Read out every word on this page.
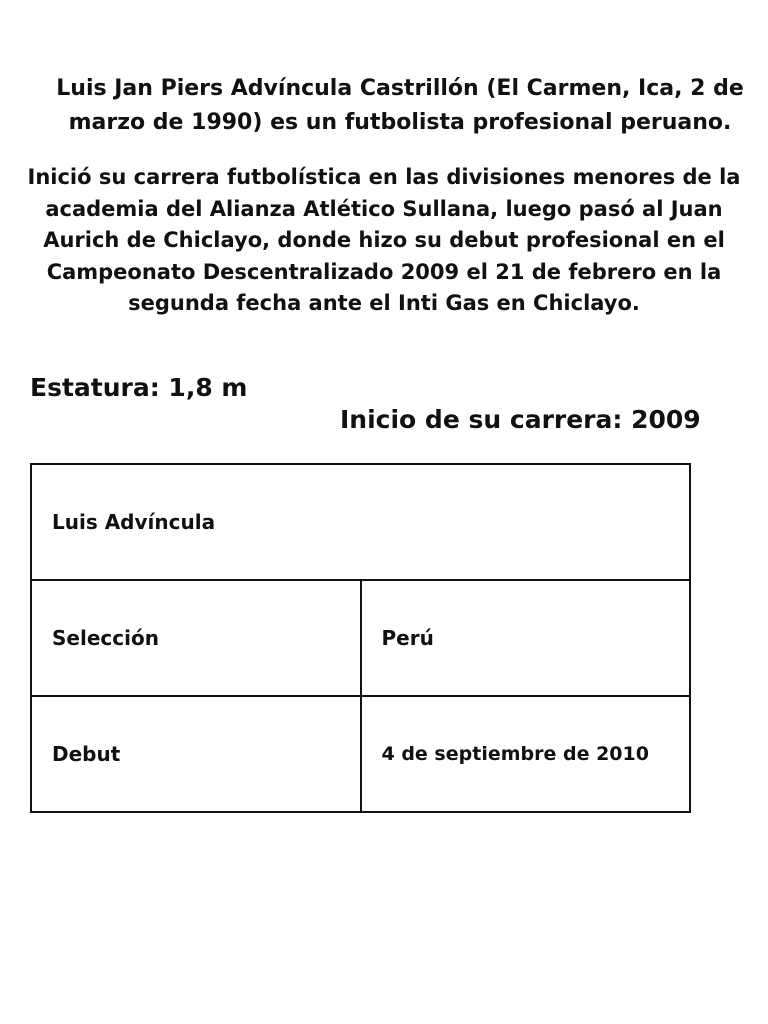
Luis Jan Piers Advíncula Castrillón (El Carmen, Ica, 2 de marzo de 1990) es un futbolista profesional peruano.

Inició su carrera futbolística en las divisiones menores de la academia del Alianza Atlético Sullana, luego pasó al Juan Aurich de Chiclayo, donde hizo su debut profesional en el Campeonato Descentralizado 2009 el 21 de febrero en la segunda fecha ante el Inti Gas en Chiclayo.

Estatura: 1,8 m

Inicio de su carrera: 2009

Luis Advíncula	
Selección	Perú
Debut	4 de septiembre de 2010
